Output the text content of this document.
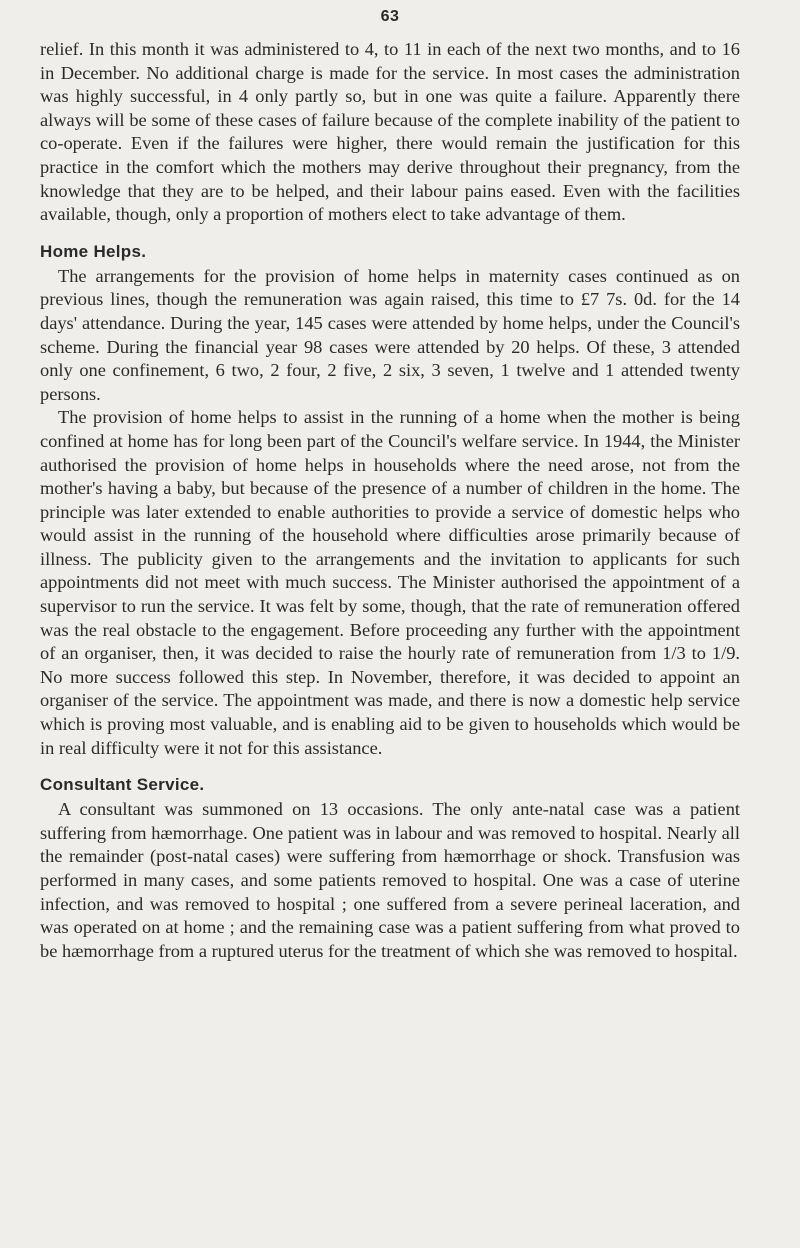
63

relief. In this month it was administered to 4, to 11 in each of the next two months, and to 16 in December. No additional charge is made for the service. In most cases the administration was highly successful, in 4 only partly so, but in one was quite a failure. Apparently there always will be some of these cases of failure because of the complete inability of the patient to co-operate. Even if the failures were higher, there would remain the justification for this practice in the comfort which the mothers may derive throughout their pregnancy, from the knowledge that they are to be helped, and their labour pains eased. Even with the facilities available, though, only a proportion of mothers elect to take advantage of them.

Home Helps.

The arrangements for the provision of home helps in maternity cases continued as on previous lines, though the remuneration was again raised, this time to £7 7s. 0d. for the 14 days' attendance. During the year, 145 cases were attended by home helps, under the Council's scheme. During the financial year 98 cases were attended by 20 helps. Of these, 3 attended only one confinement, 6 two, 2 four, 2 five, 2 six, 3 seven, 1 twelve and 1 attended twenty persons.

The provision of home helps to assist in the running of a home when the mother is being confined at home has for long been part of the Council's welfare service. In 1944, the Minister authorised the provision of home helps in households where the need arose, not from the mother's having a baby, but because of the presence of a number of children in the home. The principle was later extended to enable authorities to provide a service of domestic helps who would assist in the running of the household where difficulties arose primarily because of illness. The publicity given to the arrangements and the invitation to applicants for such appointments did not meet with much success. The Minister authorised the appointment of a supervisor to run the service. It was felt by some, though, that the rate of remuneration offered was the real obstacle to the engagement. Before proceeding any further with the appointment of an organiser, then, it was decided to raise the hourly rate of remuneration from 1/3 to 1/9. No more success followed this step. In November, therefore, it was decided to appoint an organiser of the service. The appointment was made, and there is now a domestic help service which is proving most valuable, and is enabling aid to be given to households which would be in real difficulty were it not for this assistance.

Consultant Service.

A consultant was summoned on 13 occasions. The only ante-natal case was a patient suffering from hæmorrhage. One patient was in labour and was removed to hospital. Nearly all the remainder (post-natal cases) were suffering from hæmorrhage or shock. Transfusion was performed in many cases, and some patients removed to hospital. One was a case of uterine infection, and was removed to hospital ; one suffered from a severe perineal laceration, and was operated on at home ; and the remaining case was a patient suffering from what proved to be hæmorrhage from a ruptured uterus for the treatment of which she was removed to hospital.
